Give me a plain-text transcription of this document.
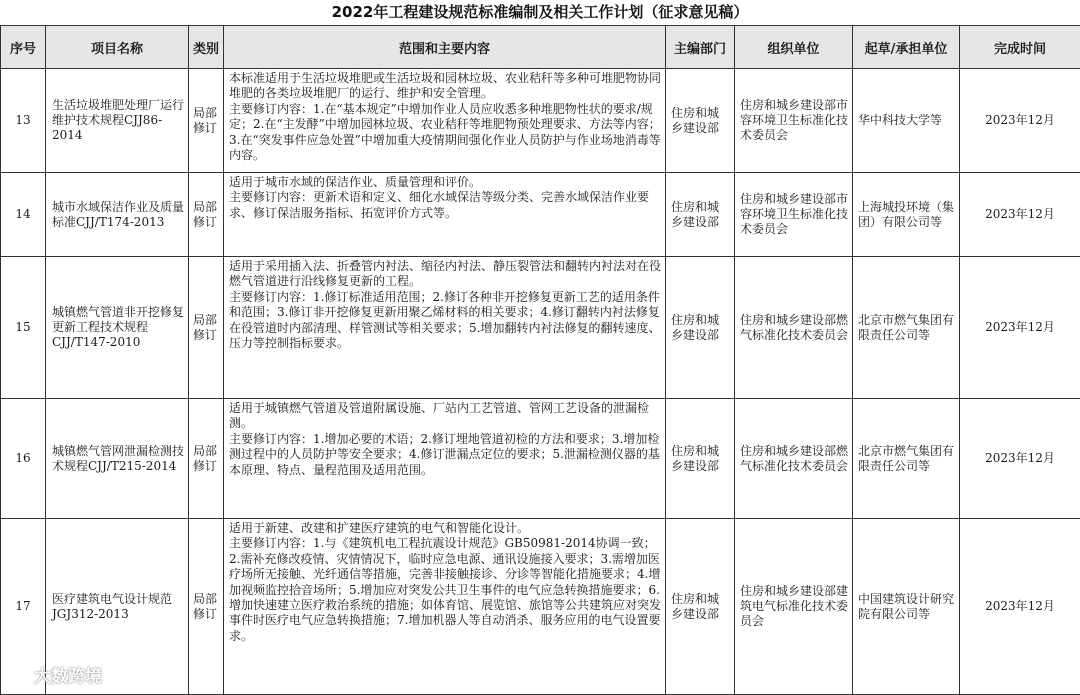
2022年工程建设规范标准编制及相关工作计划（征求意见稿）
序号	项目名称	类别	范围和主要内容	主编部门	组织单位	起草/承担单位	完成时间

13	生活垃圾堆肥处理厂运行维护技术规程CJJ86-2014	局部修订	本标准适用于生活垃圾堆肥或生活垃圾和园林垃圾、农业秸秆等多种可堆肥物协同堆肥的各类垃圾堆肥厂的运行、维护和安全管理。
主要修订内容：1.在“基本规定”中增加作业人员应收悉多种堆肥物性状的要求/规定；2.在“主发酵”中增加园林垃圾、农业秸秆等堆肥物预处理要求、方法等内容；3.在“突发事件应急处置”中增加重大疫情期间强化作业人员防护与作业场地消毒等内容。	住房和城乡建设部	住房和城乡建设部市容环境卫生标准化技术委员会	华中科技大学等	2023年12月

14	城市水域保洁作业及质量标准CJJ/T174-2013	局部修订	适用于城市水域的保洁作业、质量管理和评价。
主要修订内容：更新术语和定义、细化水域保洁等级分类、完善水域保洁作业要求、修订保洁服务指标、拓宽评价方式等。	住房和城乡建设部	住房和城乡建设部市容环境卫生标准化技术委员会	上海城投环境（集团）有限公司等	2023年12月

15	城镇燃气管道非开挖修复更新工程技术规程 CJJ/T147-2010	局部修订	适用于采用插入法、折叠管内衬法、缩径内衬法、静压裂管法和翻转内衬法对在役燃气管道进行沿线修复更新的工程。
主要修订内容：1.修订标准适用范围；2.修订各种非开挖修复更新工艺的适用条件和范围；3.修订非开挖修复更新用聚乙烯材料的相关要求；4.修订翻转内衬法修复在役管道时内部清理、样管测试等相关要求；5.增加翻转内衬法修复的翻转速度、压力等控制指标要求。	住房和城乡建设部	住房和城乡建设部燃气标准化技术委员会	北京市燃气集团有限责任公司等	2023年12月

16	城镇燃气管网泄漏检测技术规程CJJ/T215-2014	局部修订	适用于城镇燃气管道及管道附属设施、厂站内工艺管道、管网工艺设备的泄漏检测。
主要修订内容：1.增加必要的术语；2.修订埋地管道初检的方法和要求；3.增加检测过程中的人员防护等安全要求；4.修订泄漏点定位的要求；5.泄漏检测仪器的基本原理、特点、量程范围及适用范围。	住房和城乡建设部	住房和城乡建设部燃气标准化技术委员会	北京市燃气集团有限责任公司等	2023年12月

17	医疗建筑电气设计规范JGJ312-2013	局部修订	适用于新建、改建和扩建医疗建筑的电气和智能化设计。
主要修订内容：1.与《建筑机电工程抗震设计规范》GB50981-2014协调一致；2.需补充修改疫情、灾情情况下，临时应急电源、通讯设施接入要求；3.需增加医疗场所无接触、光纤通信等措施，完善非接触接诊、分诊等智能化措施要求；4.增加视频监控拾音场所；5.增加应对突发公共卫生事件的电气应急转换措施要求；6.增加快速建立医疗救治系统的措施；如体育馆、展览馆、旅馆等公共建筑应对突发事件时医疗电气应急转换措施；7.增加机器人等自动消杀、服务应用的电气设置要求。	住房和城乡建设部	住房和城乡建设部建筑电气标准化技术委员会	中国建筑设计研究院有限公司等	2023年12月
大数跨境
